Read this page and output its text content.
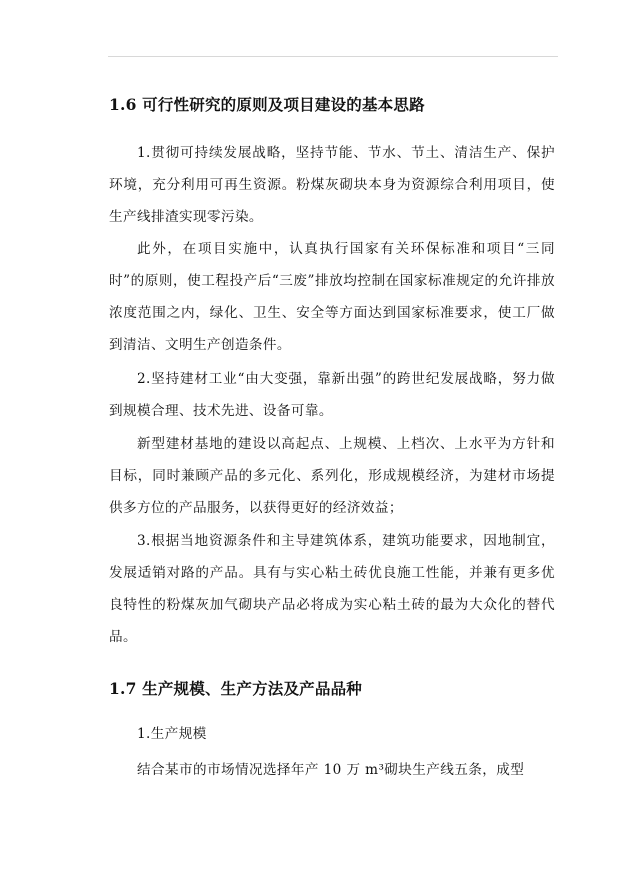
1.6 可行性研究的原则及项目建设的基本思路

1.贯彻可持续发展战略，坚持节能、节水、节土、清洁生产、保护环境，充分利用可再生资源。粉煤灰砌块本身为资源综合利用项目，使生产线排渣实现零污染。

此外，在项目实施中，认真执行国家有关环保标准和项目“三同时”的原则，使工程投产后“三废”排放均控制在国家标准规定的允许排放浓度范围之内，绿化、卫生、安全等方面达到国家标准要求，使工厂做到清洁、文明生产创造条件。

2.坚持建材工业“由大变强，靠新出强”的跨世纪发展战略，努力做到规模合理、技术先进、设备可靠。

新型建材基地的建设以高起点、上规模、上档次、上水平为方针和目标，同时兼顾产品的多元化、系列化，形成规模经济，为建材市场提供多方位的产品服务，以获得更好的经济效益；

3.根据当地资源条件和主导建筑体系，建筑功能要求，因地制宜，发展适销对路的产品。具有与实心粘土砖优良施工性能，并兼有更多优良特性的粉煤灰加气砌块产品必将成为实心粘土砖的最为大众化的替代品。

1.7 生产规模、生产方法及产品品种

1.生产规模

结合某市的市场情况选择年产 10 万 m³砌块生产线五条，成型
